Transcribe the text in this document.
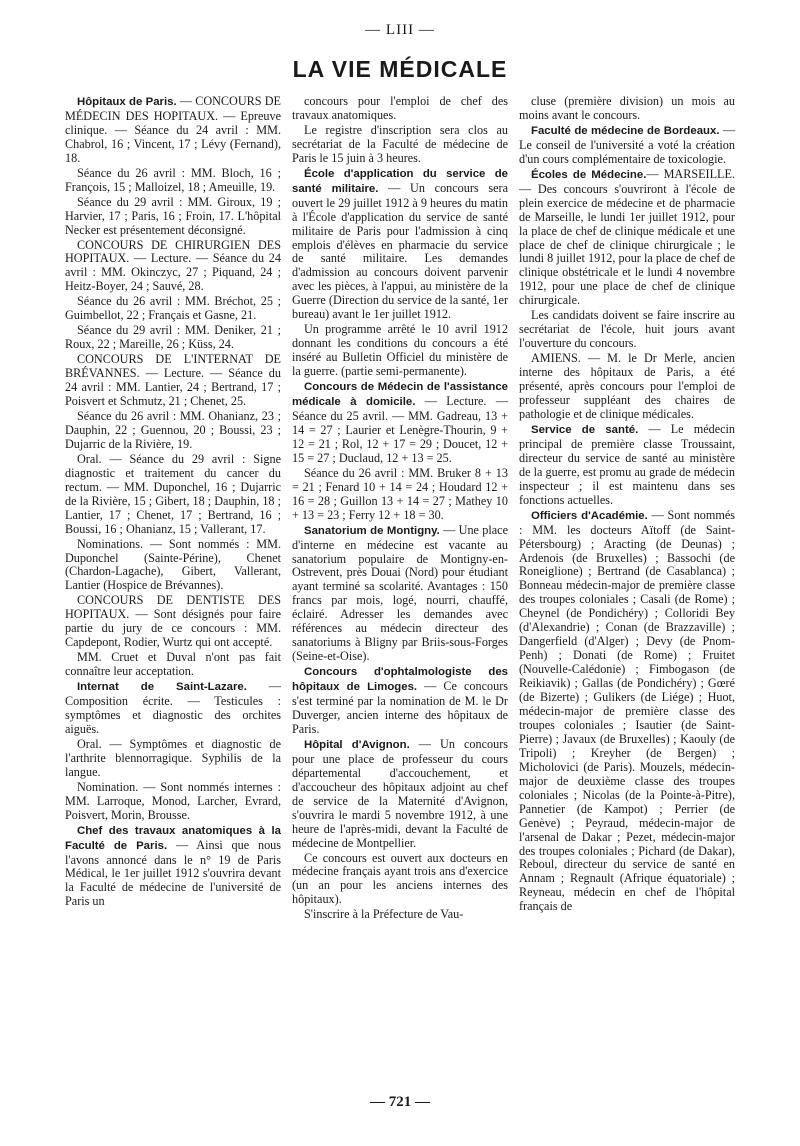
— LIII —
LA VIE MÉDICALE

Hôpitaux de Paris. — CONCOURS DE MÉDECIN DES HOPITAUX. — Epreuve clinique. — Séance du 24 avril : MM. Chabrol, 16 ; Vincent, 17 ; Lévy (Fernand), 18.

Séance du 26 avril : MM. Bloch, 16 ; François, 15 ; Malloizel, 18 ; Ameuille, 19.

Séance du 29 avril : MM. Giroux, 19 ; Harvier, 17 ; Paris, 16 ; Froin, 17. L'hôpital Necker est présentement déconsigné.

CONCOURS DE CHIRURGIEN DES HOPITAUX. — Lecture. — Séance du 24 avril : MM. Okinczyc, 27 ; Piquand, 24 ; Heitz-Boyer, 24 ; Sauvé, 28.

Séance du 26 avril : MM. Bréchot, 25 ; Guimbellot, 22 ; Français et Gasne, 21.

Séance du 29 avril : MM. Deniker, 21 ; Roux, 22 ; Mareille, 26 ; Küss, 24.

CONCOURS DE L'INTERNAT DE BRÉVANNES. — Lecture. — Séance du 24 avril : MM. Lantier, 24 ; Bertrand, 17 ; Poisvert et Schmutz, 21 ; Chenet, 25.

Séance du 26 avril : MM. Ohanianz, 23 ; Dauphin, 22 ; Guennou, 20 ; Boussi, 23 ; Dujarric de la Rivière, 19.

Oral. — Séance du 29 avril : Signe diagnostic et traitement du cancer du rectum. — MM. Duponchel, 16 ; Dujarric de la Rivière, 15 ; Gibert, 18 ; Dauphin, 18 ; Lantier, 17 ; Chenet, 17 ; Bertrand, 16 ; Boussi, 16 ; Ohanianz, 15 ; Vallerant, 17.

Nominations. — Sont nommés : MM. Duponchel (Sainte-Périne), Chenet (Chardon-Lagache), Gibert, Vallerant, Lantier (Hospice de Brévannes).

CONCOURS DE DENTISTE DES HOPITAUX. — Sont désignés pour faire partie du jury de ce concours : MM. Capdepont, Rodier, Wurtz qui ont accepté.

MM. Cruet et Duval n'ont pas fait connaître leur acceptation.

Internat de Saint-Lazare. — Composition écrite. — Testicules : symptômes et diagnostic des orchites aiguës.

Oral. — Symptômes et diagnostic de l'arthrite blennorragique. Syphilis de la langue.

Nomination. — Sont nommés internes : MM. Larroque, Monod, Larcher, Evrard, Poisvert, Morin, Brousse.

Chef des travaux anatomiques à la Faculté de Paris. — Ainsi que nous l'avons annoncé dans le n° 19 de Paris Médical, le 1er juillet 1912 s'ouvrira devant la Faculté de médecine de l'université de Paris un

concours pour l'emploi de chef des travaux anatomiques.

Le registre d'inscription sera clos au secrétariat de la Faculté de médecine de Paris le 15 juin à 3 heures.

École d'application du service de santé militaire. — Un concours sera ouvert le 29 juillet 1912 à 9 heures du matin à l'École d'application du service de santé militaire de Paris pour l'admission à cinq emplois d'élèves en pharmacie du service de santé militaire. Les demandes d'admission au concours doivent parvenir avec les pièces, à l'appui, au ministère de la Guerre (Direction du service de la santé, 1er bureau) avant le 1er juillet 1912.

Un programme arrêté le 10 avril 1912 donnant les conditions du concours a été inséré au Bulletin Officiel du ministère de la guerre. (partie semi-permanente).

Concours de Médecin de l'assistance médicale à domicile. — Lecture. — Séance du 25 avril. — MM. Gadreau, 13 + 14 = 27 ; Laurier et Lenègre-Thourin, 9 + 12 = 21 ; Rol, 12 + 17 = 29 ; Doucet, 12 + 15 = 27 ; Duclaud, 12 + 13 = 25.

Séance du 26 avril : MM. Bruker 8 + 13 = 21 ; Fenard 10 + 14 = 24 ; Houdard 12 + 16 = 28 ; Guillon 13 + 14 = 27 ; Mathey 10 + 13 = 23 ; Ferry 12 + 18 = 30.

Sanatorium de Montigny. — Une place d'interne en médecine est vacante au sanatorium populaire de Montigny-en-Ostrevent, près Douai (Nord) pour étudiant ayant terminé sa scolarité. Avantages : 150 francs par mois, logé, nourri, chauffé, éclairé. Adresser les demandes avec références au médecin directeur des sanatoriums à Bligny par Briis-sous-Forges (Seine-et-Oise).

Concours d'ophtalmologiste des hôpitaux de Limoges. — Ce concours s'est terminé par la nomination de M. le Dr Duverger, ancien interne des hôpitaux de Paris.

Hôpital d'Avignon. — Un concours pour une place de professeur du cours départemental d'accouchement, et d'accoucheur des hôpitaux adjoint au chef de service de la Maternité d'Avignon, s'ouvrira le mardi 5 novembre 1912, à une heure de l'après-midi, devant la Faculté de médecine de Montpellier.

Ce concours est ouvert aux docteurs en médecine français ayant trois ans d'exercice (un an pour les anciens internes des hôpitaux).

S'inscrire à la Préfecture de Vau-

cluse (première division) un mois au moins avant le concours.

Faculté de médecine de Bordeaux. — Le conseil de l'université a voté la création d'un cours complémentaire de toxicologie.

Écoles de Médecine.— MARSEILLE. — Des concours s'ouvriront à l'école de plein exercice de médecine et de pharmacie de Marseille, le lundi 1er juillet 1912, pour la place de chef de clinique médicale et une place de chef de clinique chirurgicale ; le lundi 8 juillet 1912, pour la place de chef de clinique obstétricale et le lundi 4 novembre 1912, pour une place de chef de clinique chirurgicale.

Les candidats doivent se faire inscrire au secrétariat de l'école, huit jours avant l'ouverture du concours.

AMIENS. — M. le Dr Merle, ancien interne des hôpitaux de Paris, a été présenté, après concours pour l'emploi de professeur suppléant des chaires de pathologie et de clinique médicales.

Service de santé. — Le médecin principal de première classe Troussaint, directeur du service de santé au ministère de la guerre, est promu au grade de médecin inspecteur ; il est maintenu dans ses fonctions actuelles.

Officiers d'Académie. — Sont nommés : MM. les docteurs Aïtoff (de Saint-Pétersbourg) ; Aracting (de Deunas) ; Ardenois (de Bruxelles) ; Bassochi (de Roneiglione) ; Bertrand (de Casablanca) ; Bonneau médecin-major de première classe des troupes coloniales ; Casali (de Rome) ; Cheynel (de Pondichéry) ; Colloridi Bey (d'Alexandrie) ; Conan (de Brazzaville) ; Dangerfield (d'Alger) ; Devy (de Pnom-Penh) ; Donati (de Rome) ; Fruitet (Nouvelle-Calédonie) ; Fimbogason (de Reikiavik) ; Gallas (de Pondichéry) ; Gœré (de Bizerte) ; Gulikers (de Liége) ; Huot, médecin-major de première classe des troupes coloniales ; Isautier (de Saint-Pierre) ; Javaux (de Bruxelles) ; Kaouly (de Tripoli) ; Kreyher (de Bergen) ; Micholovici (de Paris). Mouzels, médecin-major de deuxième classe des troupes coloniales ; Nicolas (de la Pointe-à-Pitre), Pannetier (de Kampot) ; Perrier (de Genève) ; Peyraud, médecin-major de l'arsenal de Dakar ; Pezet, médecin-major des troupes coloniales ; Pichard (de Dakar), Reboul, directeur du service de santé en Annam ; Regnault (Afrique équatoriale) ; Reyneau, médecin en chef de l'hôpital français de

— 721 —
